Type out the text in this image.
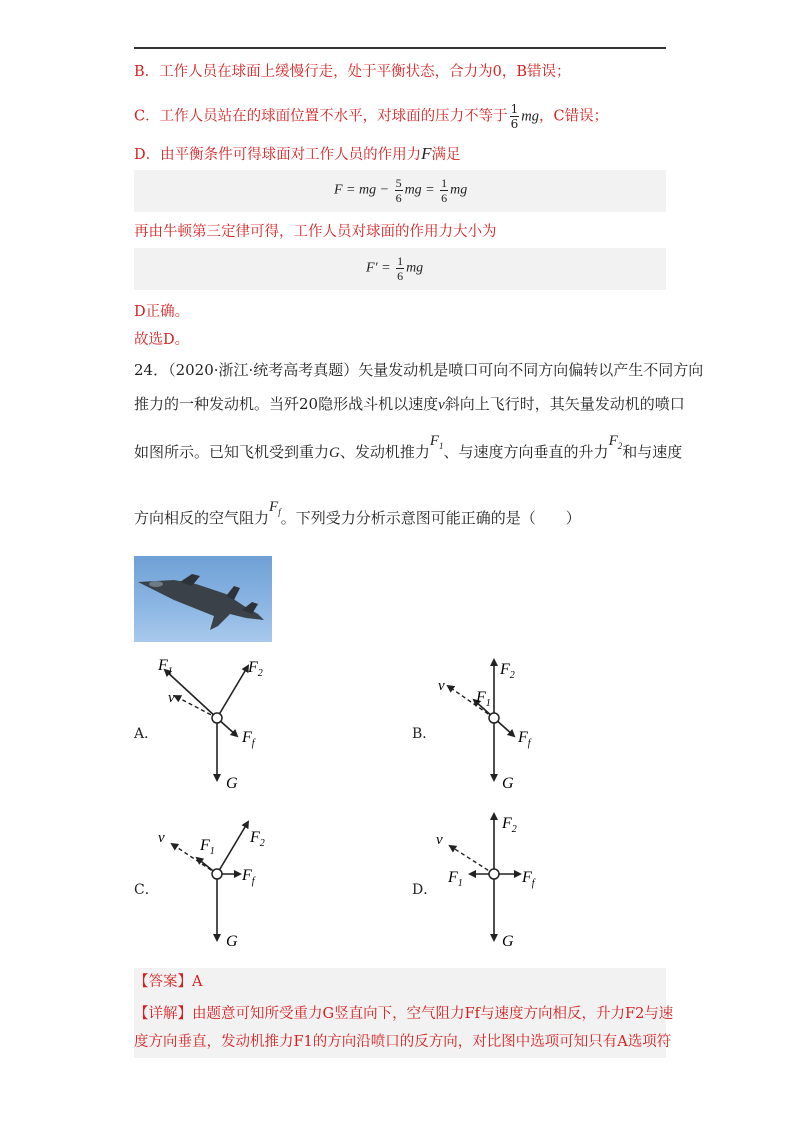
B．工作人员在球面上缓慢行走，处于平衡状态，合力为0，B错误；
C．工作人员站在的球面位置不水平，对球面的压力不等于 $\frac{1}{6}$ mg，C错误；
D．由平衡条件可得球面对工作人员的作用力F满足
F = mg − $\frac{5}{6}$ mg = $\frac{1}{6}$ mg
再由牛顿第三定律可得，工作人员对球面的作用力大小为
$F' = \frac{1}{6}$ mg
D正确。
故选D。
24．（2020·浙江·统考高考真题）矢量发动机是喷口可向不同方向偏转以产生不同方向
推力的一种发动机。当歼20隐形战斗机以速度v斜向上飞行时，其矢量发动机的喷口
如图所示。已知飞机受到重力G、发动机推力$F_1$、与速度方向垂直的升力$F_2$和与速度
方向相反的空气阻力$F_f$。下列受力分析示意图可能正确的是（　　）
A．	B．
C．	D．
$F_1$	$F_2$
v
$F_f$
G
$F_2$
$F_1$
v
$F_f$
G
$F_2$
$F_1$
v
$F_f$
G
$F_2$
$F_1$
v
$F_f$
G
【答案】A
【详解】由题意可知所受重力G竖直向下，空气阻力Ff与速度方向相反，升力F2与速
度方向垂直，发动机推力F1的方向沿喷口的反方向，对比图中选项可知只有A选项符
